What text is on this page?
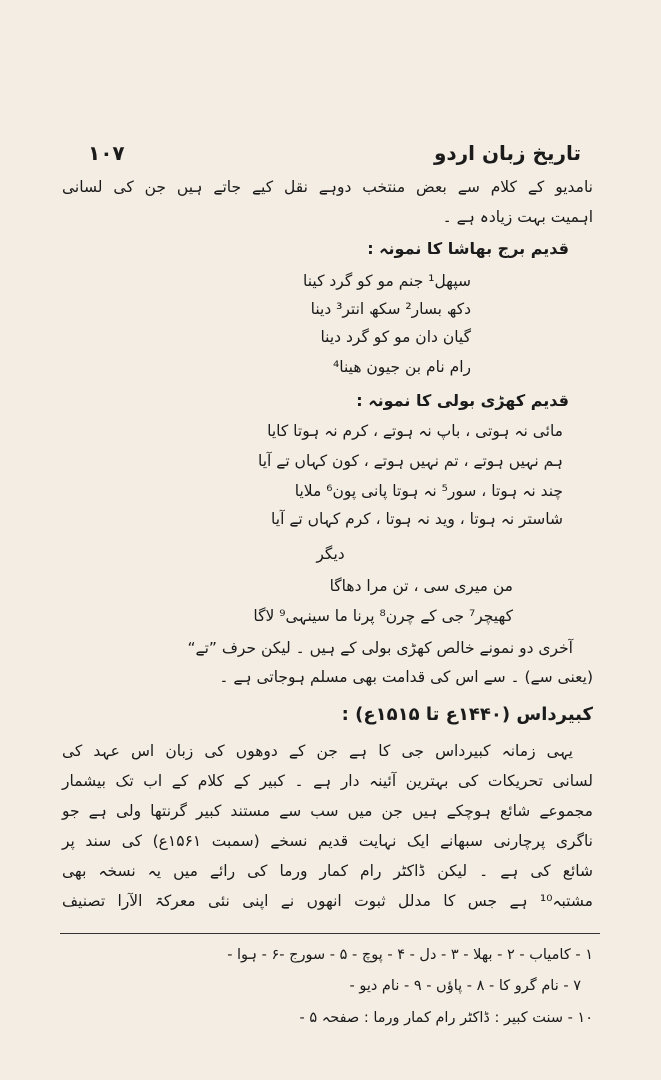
۱۰۷	تاریخ زبان اردو
نامدیو کے کلام سے بعض منتخب دوہے نقل کیے جاتے ہیں جن کی لسانی
اہمیت بہت زیادہ ہے ۔
قدیم برج بھاشا کا نمونہ :
سپھل¹ جنم مو کو گرد کینا
دکھ بسار² سکھ انتر³ دینا
گیان دان مو کو گرد دینا
رام نام بن جیون ھینا⁴
قدیم کھڑی بولی کا نمونہ :
مائی نہ ہوتی ، باپ نہ ہوتے ، کرم نہ ہوتا کایا
ہم نہیں ہوتے ، تم نہیں ہوتے ، کون کہاں تے آیا
چند نہ ہوتا ، سور⁵ نہ ہوتا پانی پون⁶ ملایا
شاستر نہ ہوتا ، وید نہ ہوتا ، کرم کہاں تے آیا
دیگر
من میری سی ، تن مرا دھاگا
کھیچر⁷ جی کے چرن⁸ پرنا ما سینہی⁹ لاگا
آخری دو نمونے خالص کھڑی بولی کے ہیں ۔ لیکن حرف ”تے“
(یعنی سے) ۔ سے اس کی قدامت بھی مسلم ہوجاتی ہے ۔
کبیرداس (۱۴۴۰ع تا ۱۵۱۵ع) :
یہی زمانہ کبیرداس جی کا ہے جن کے دوھوں کی زبان اس عہد کی
لسانی تحریکات کی بہترین آئینہ دار ہے ۔ کبیر کے کلام کے اب تک بیشمار
مجموعے شائع ہوچکے ہیں جن میں سب سے مستند کبیر گرنتھا ولی ہے جو
ناگری پرچارنی سبھانے ایک نہایت قدیم نسخے (سمبت ۱۵۶۱ع) کی سند پر
شائع کی ہے ۔ لیکن ڈاکٹر رام کمار ورما کی رائے میں یہ نسخہ بھی
مشتبہ¹⁰ ہے جس کا مدلل ثبوت انھوں نے اپنی نئی معرکۃ الآرا تصنیف
۱ - کامیاب - ۲ - بھلا - ۳ - دل - ۴ - پوچ - ۵ - سورج -۶ - ہوا -
۷ - نام گرو کا - ۸ - پاؤں - ۹ - نام دیو -
۱۰ - سنت کبیر : ڈاکٹر رام کمار ورما : صفحہ ۵ -
